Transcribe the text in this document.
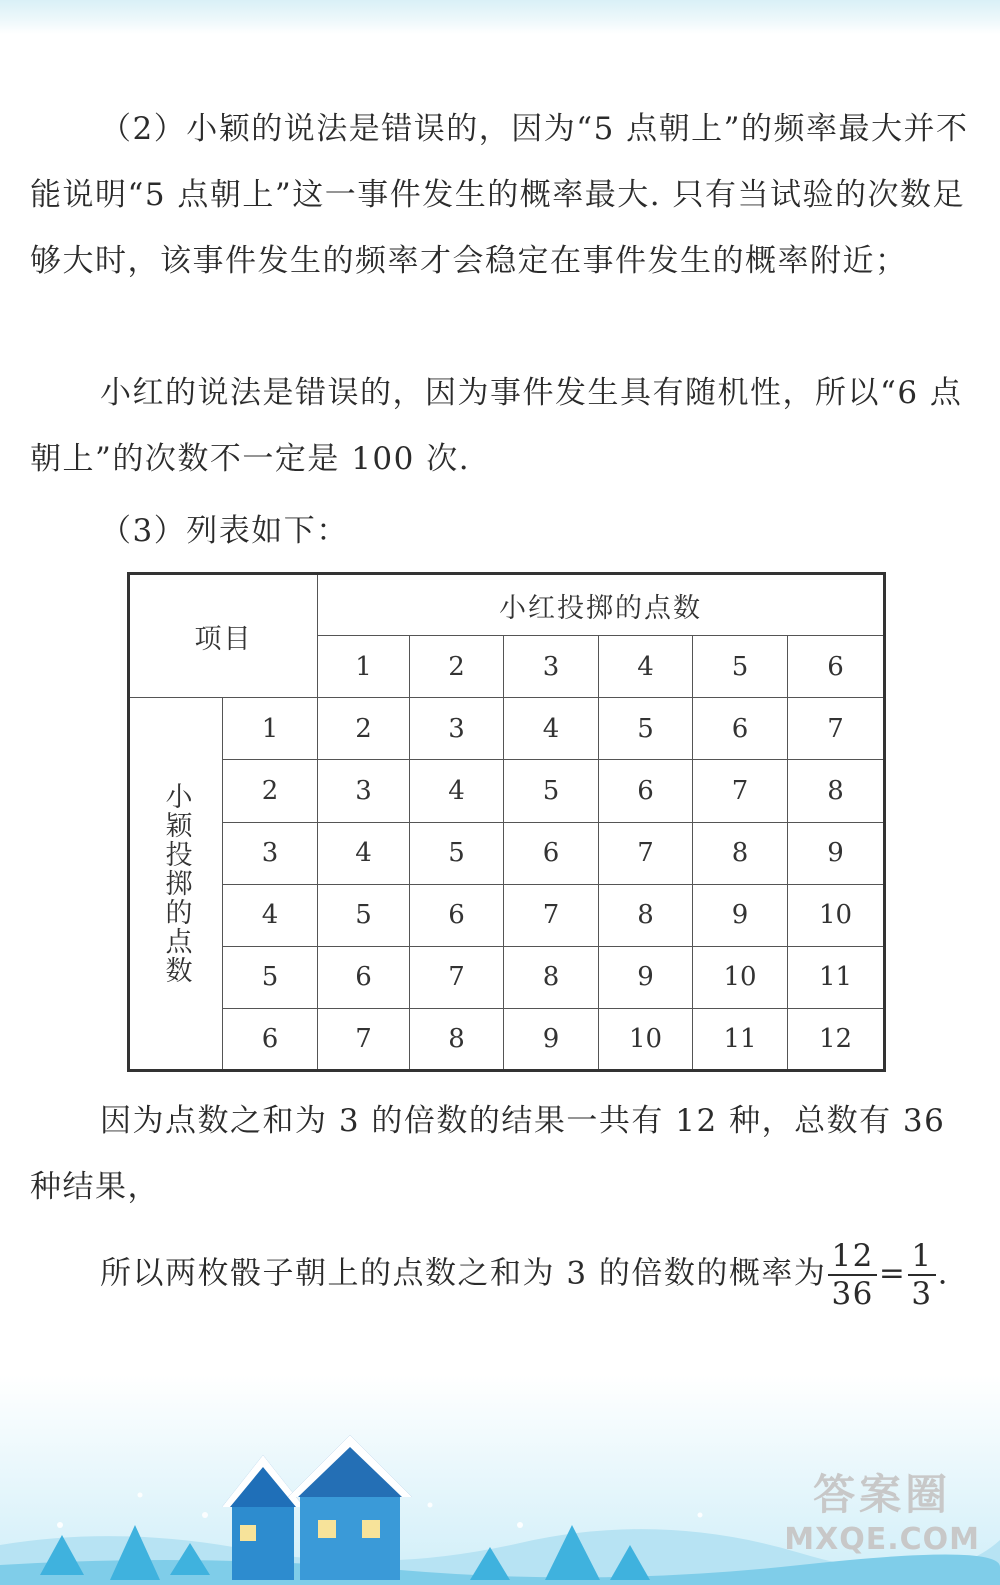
（2）小颖的说法是错误的，因为“5 点朝上”的频率最大并不能说明“5 点朝上”这一事件发生的概率最大. 只有当试验的次数足够大时，该事件发生的频率才会稳定在事件发生的概率附近；

小红的说法是错误的，因为事件发生具有随机性，所以“6 点朝上”的次数不一定是 100 次.

（3）列表如下：
项目		小红投掷的点数					
		1	2	3	4	5	6

小颖投掷的点数	1	2	3	4	5	6	7
	2	3	4	5	6	7	8
	3	4	5	6	7	8	9
	4	5	6	7	8	9	10
	5	6	7	8	9	10	11
	6	7	8	9	10	11	12

因为点数之和为 3 的倍数的结果一共有 12 种，总数有 36 种结果，

所以两枚骰子朝上的点数之和为 3 的倍数的概率为 $\frac{12}{36} = \frac{1}{3}$ .
答案圈
MXQE.COM
